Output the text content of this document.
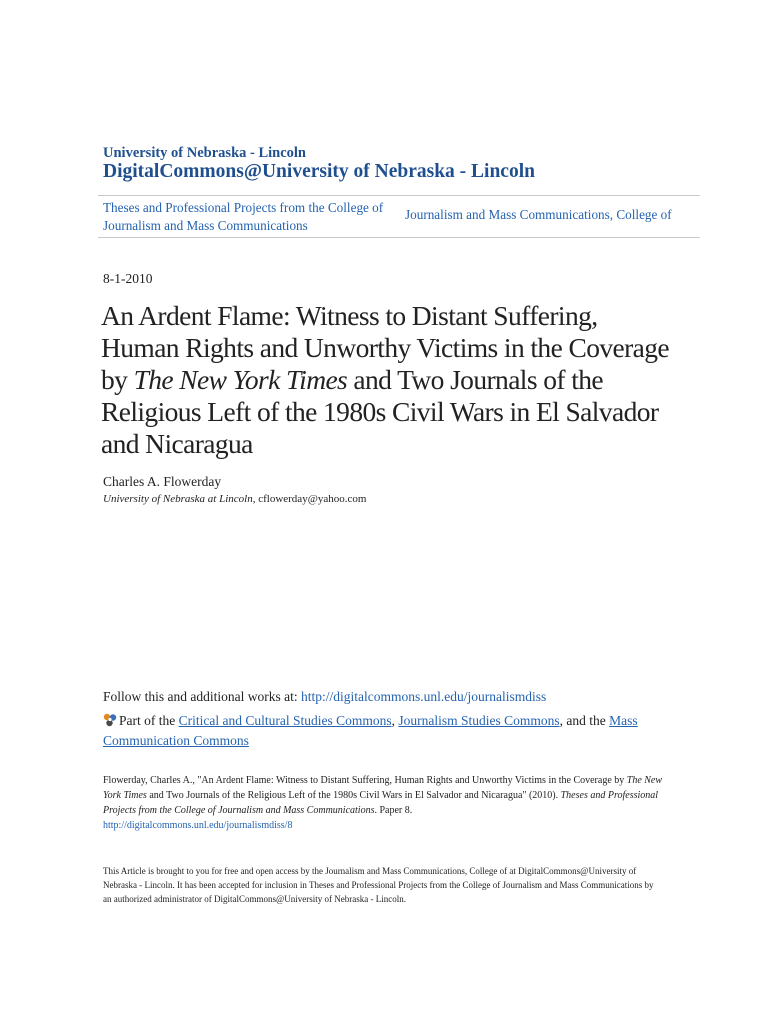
University of Nebraska - Lincoln
DigitalCommons@University of Nebraska - Lincoln
Theses and Professional Projects from the College of Journalism and Mass Communications
Journalism and Mass Communications, College of
8-1-2010
An Ardent Flame: Witness to Distant Suffering, Human Rights and Unworthy Victims in the Coverage by The New York Times and Two Journals of the Religious Left of the 1980s Civil Wars in El Salvador and Nicaragua
Charles A. Flowerday
University of Nebraska at Lincoln, cflowerday@yahoo.com
Follow this and additional works at: http://digitalcommons.unl.edu/journalismdiss
Part of the Critical and Cultural Studies Commons, Journalism Studies Commons, and the Mass Communication Commons
Flowerday, Charles A., "An Ardent Flame: Witness to Distant Suffering, Human Rights and Unworthy Victims in the Coverage by The New York Times and Two Journals of the Religious Left of the 1980s Civil Wars in El Salvador and Nicaragua" (2010). Theses and Professional Projects from the College of Journalism and Mass Communications. Paper 8.
http://digitalcommons.unl.edu/journalismdiss/8
This Article is brought to you for free and open access by the Journalism and Mass Communications, College of at DigitalCommons@University of Nebraska - Lincoln. It has been accepted for inclusion in Theses and Professional Projects from the College of Journalism and Mass Communications by an authorized administrator of DigitalCommons@University of Nebraska - Lincoln.
